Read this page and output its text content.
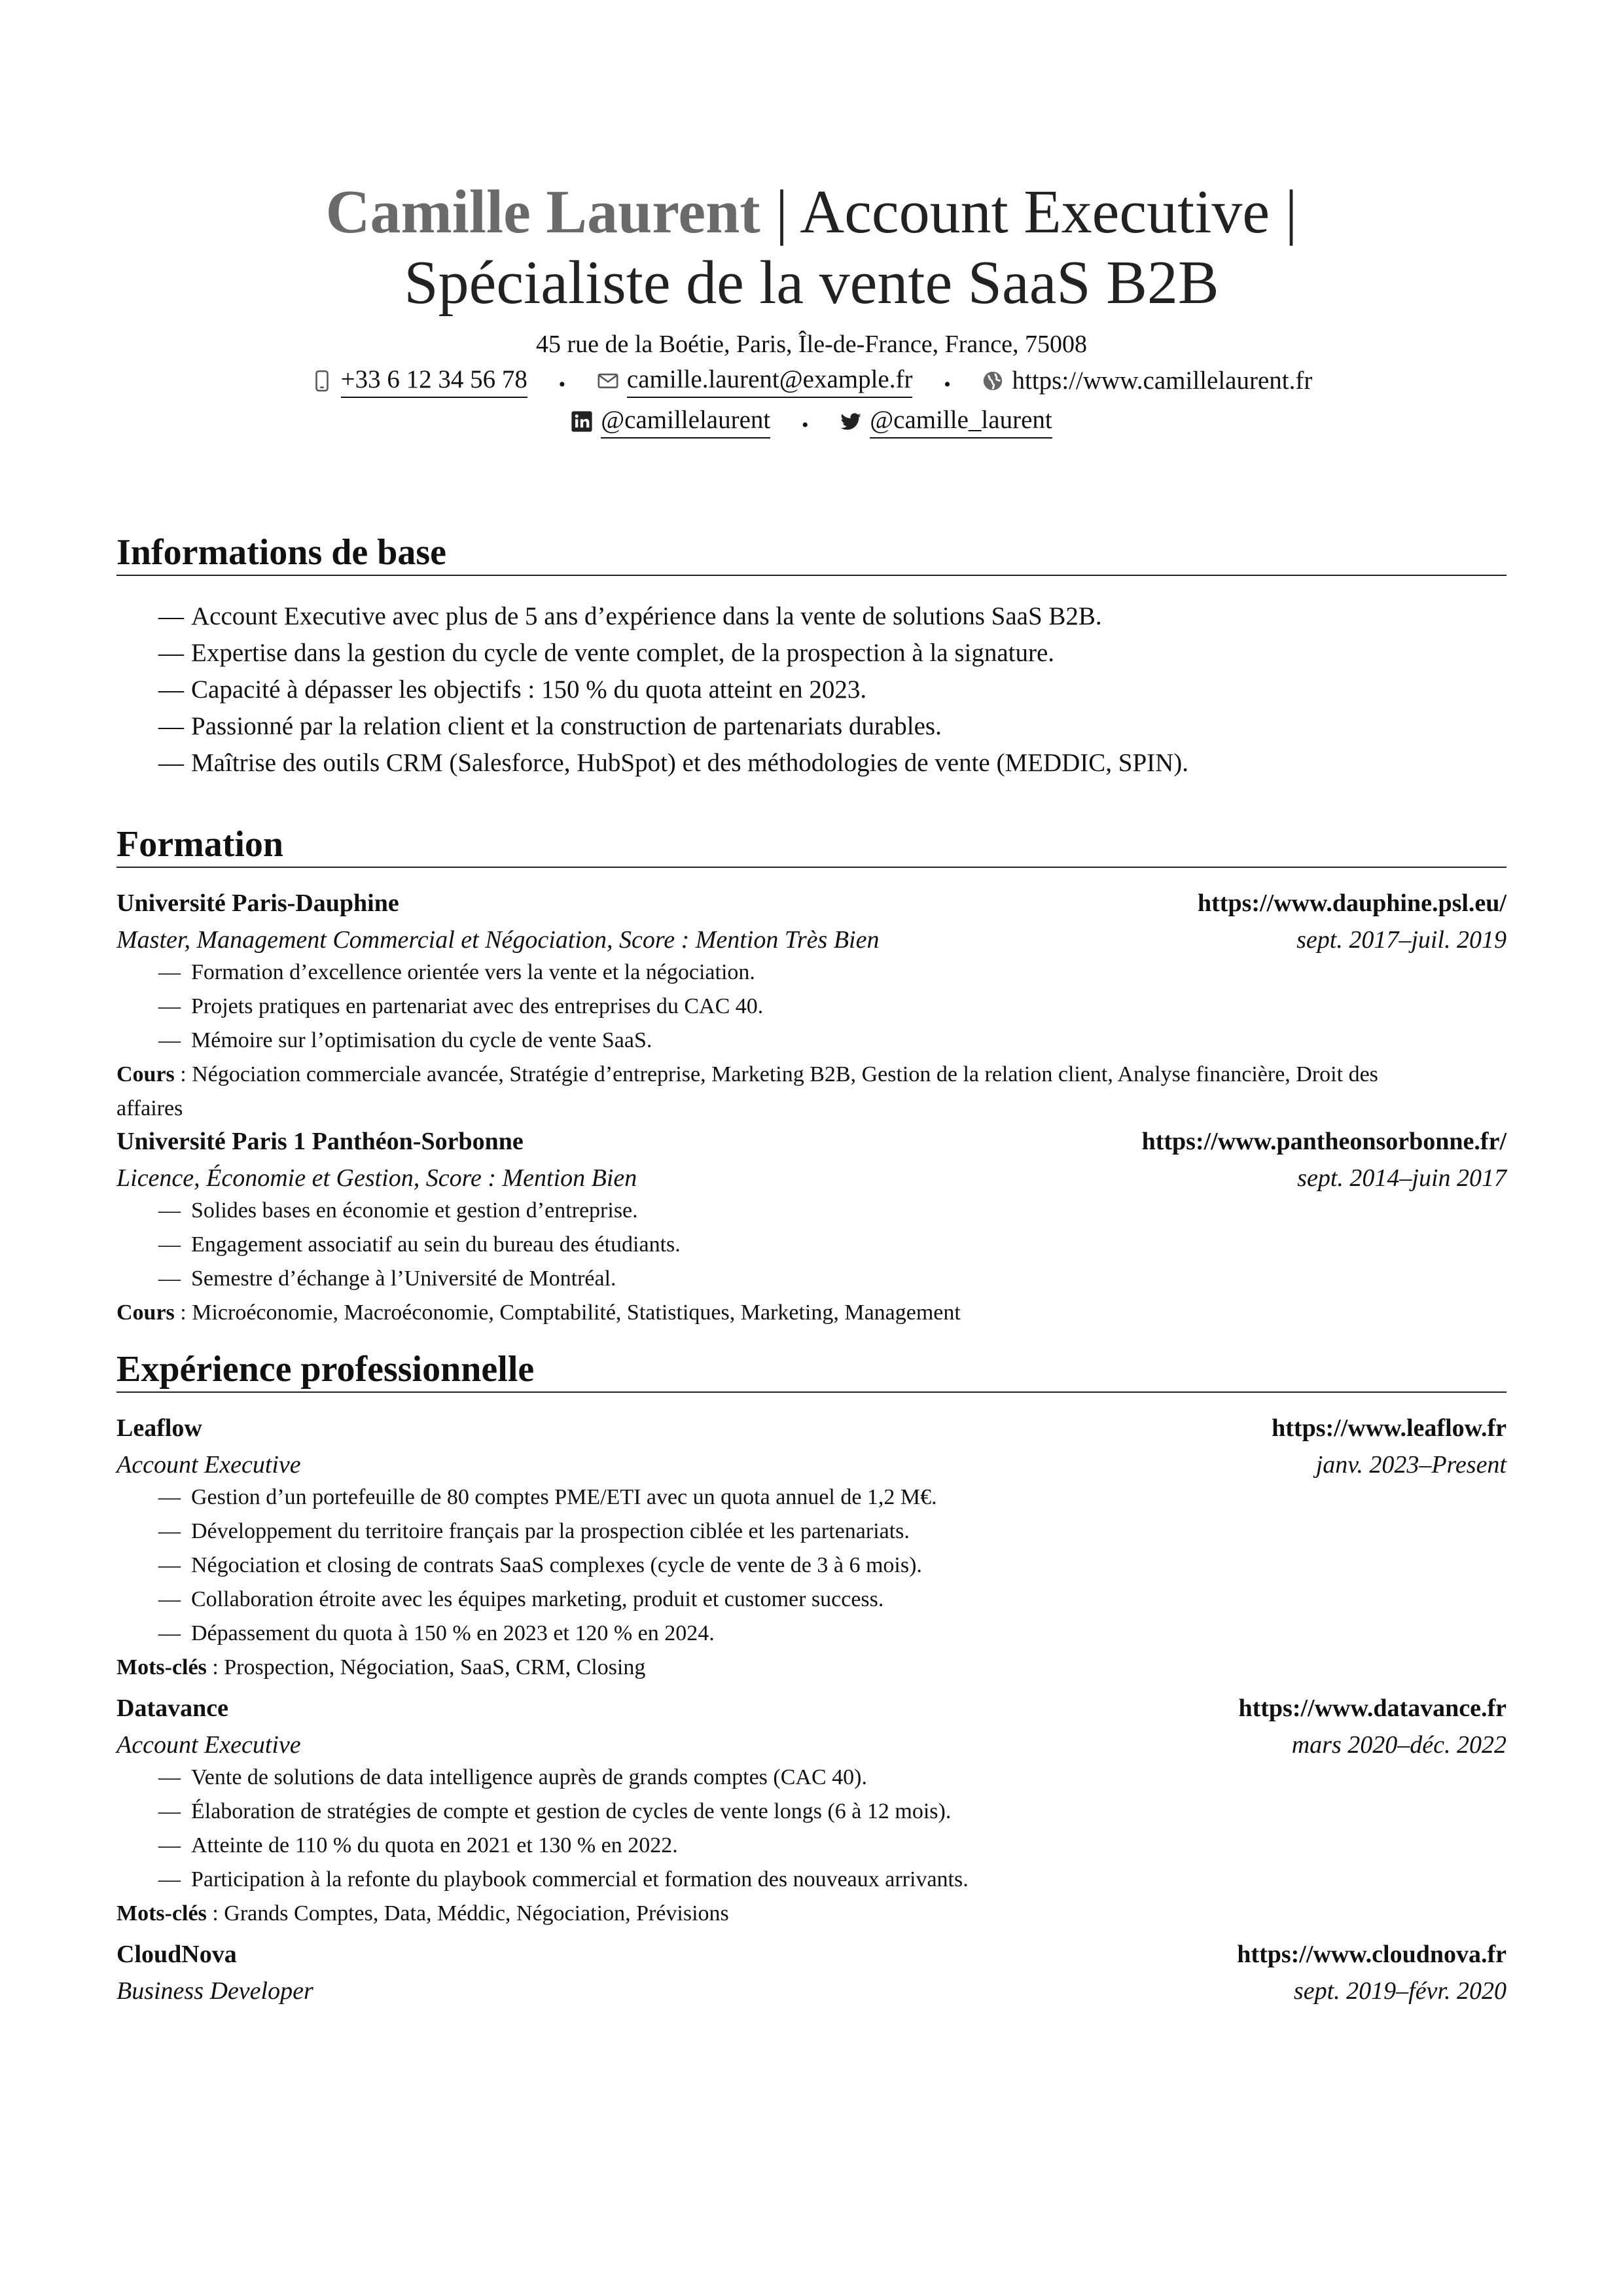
Camille Laurent | Account Executive |
Spécialiste de la vente SaaS B2B
45 rue de la Boétie, Paris, Île-de-France, France, 75008
+33 6 12 34 56 78 • camille.laurent@example.fr • https://www.camillelaurent.fr
@camillelaurent • @camille_laurent
Informations de base
— Account Executive avec plus de 5 ans d’expérience dans la vente de solutions SaaS B2B.
— Expertise dans la gestion du cycle de vente complet, de la prospection à la signature.
— Capacité à dépasser les objectifs : 150 % du quota atteint en 2023.
— Passionné par la relation client et la construction de partenariats durables.
— Maîtrise des outils CRM (Salesforce, HubSpot) et des méthodologies de vente (MEDDIC, SPIN).
Formation
Université Paris-Dauphine	https://www.dauphine.psl.eu/
Master, Management Commercial et Négociation, Score : Mention Très Bien	sept. 2017–juil. 2019
— Formation d’excellence orientée vers la vente et la négociation.
— Projets pratiques en partenariat avec des entreprises du CAC 40.
— Mémoire sur l’optimisation du cycle de vente SaaS.
Cours : Négociation commerciale avancée, Stratégie d’entreprise, Marketing B2B, Gestion de la relation client, Analyse financière, Droit des
affaires
Université Paris 1 Panthéon-Sorbonne	https://www.pantheonsorbonne.fr/
Licence, Économie et Gestion, Score : Mention Bien	sept. 2014–juin 2017
— Solides bases en économie et gestion d’entreprise.
— Engagement associatif au sein du bureau des étudiants.
— Semestre d’échange à l’Université de Montréal.
Cours : Microéconomie, Macroéconomie, Comptabilité, Statistiques, Marketing, Management
Expérience professionnelle
Leaflow	https://www.leaflow.fr
Account Executive	janv. 2023–Present
— Gestion d’un portefeuille de 80 comptes PME/ETI avec un quota annuel de 1,2 M€.
— Développement du territoire français par la prospection ciblée et les partenariats.
— Négociation et closing de contrats SaaS complexes (cycle de vente de 3 à 6 mois).
— Collaboration étroite avec les équipes marketing, produit et customer success.
— Dépassement du quota à 150 % en 2023 et 120 % en 2024.
Mots-clés : Prospection, Négociation, SaaS, CRM, Closing
Datavance	https://www.datavance.fr
Account Executive	mars 2020–déc. 2022
— Vente de solutions de data intelligence auprès de grands comptes (CAC 40).
— Élaboration de stratégies de compte et gestion de cycles de vente longs (6 à 12 mois).
— Atteinte de 110 % du quota en 2021 et 130 % en 2022.
— Participation à la refonte du playbook commercial et formation des nouveaux arrivants.
Mots-clés : Grands Comptes, Data, Méddic, Négociation, Prévisions
CloudNova	https://www.cloudnova.fr
Business Developer	sept. 2019–févr. 2020
